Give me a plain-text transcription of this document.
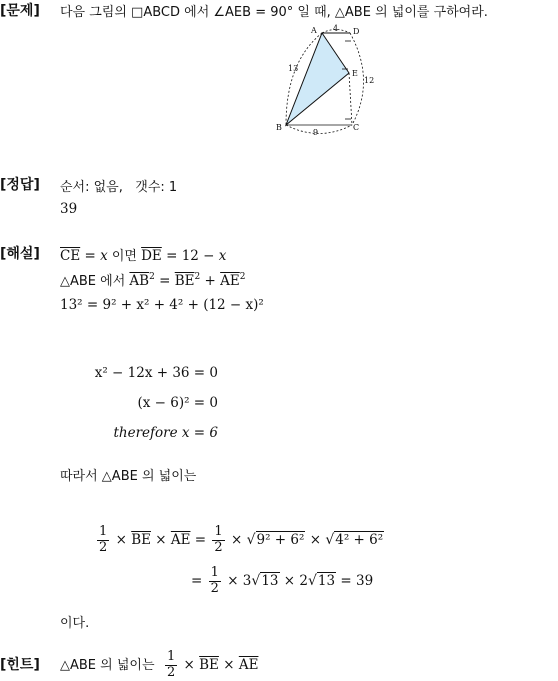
[문제] 다음 그림의 □ABCD 에서 ∠AEB = 90° 일 때, △ABE 의 넓이를 구하여라.
A	D
E
B	C
4
13
12
9
[정답] 순서: 없음,   갯수: 1
39
[해설] $\overline{CE} = x$ 이면 $\overline{DE} = 12 - x$
△ABE 에서 $\overline{AB}^2 = \overline{BE}^2 + \overline{AE}^2$
13² = 9² + x² + 4² + (12 − x)²
x² − 12x + 36 = 0
(x − 6)² = 0
therefore x = 6
따라서 △ABE 의 넓이는
$\frac{1}{2} \times \overline{BE} \times \overline{AE} = \frac{1}{2} \times √9^2 + 6^2 \times √4^2 + 6^2$
= $\frac{1}{2} \times 3√13 \times 2√13 = 39$
이다.
[힌트] △ABE 의 넓이는 $\frac{1}{2} \times \overline{BE} \times \overline{AE}$
